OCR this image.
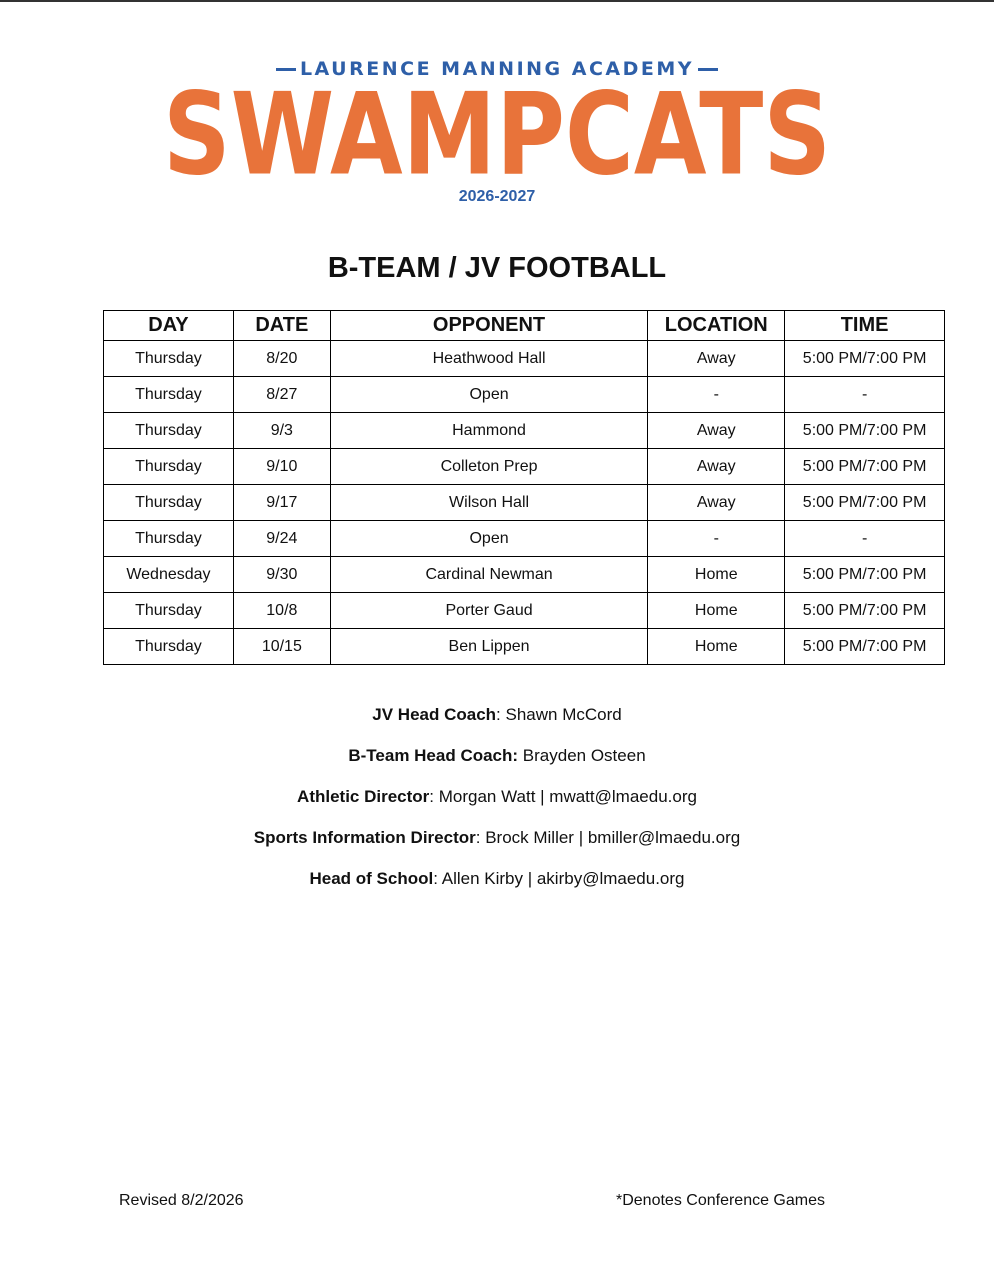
LAURENCE MANNING ACADEMY
SWAMPCATS
2026-2027
B-TEAM / JV FOOTBALL
DAY	DATE	OPPONENT	LOCATION	TIME
Thursday	8/20	Heathwood Hall	Away	5:00 PM/7:00 PM
Thursday	8/27	Open	-	-
Thursday	9/3	Hammond	Away	5:00 PM/7:00 PM
Thursday	9/10	Colleton Prep	Away	5:00 PM/7:00 PM
Thursday	9/17	Wilson Hall	Away	5:00 PM/7:00 PM
Thursday	9/24	Open	-	-
Wednesday	9/30	Cardinal Newman	Home	5:00 PM/7:00 PM
Thursday	10/8	Porter Gaud	Home	5:00 PM/7:00 PM
Thursday	10/15	Ben Lippen	Home	5:00 PM/7:00 PM
JV Head Coach: Shawn McCord
B-Team Head Coach: Brayden Osteen
Athletic Director: Morgan Watt | mwatt@lmaedu.org
Sports Information Director: Brock Miller | bmiller@lmaedu.org
Head of School: Allen Kirby | akirby@lmaedu.org
Revised 8/2/2026	*Denotes Conference Games
